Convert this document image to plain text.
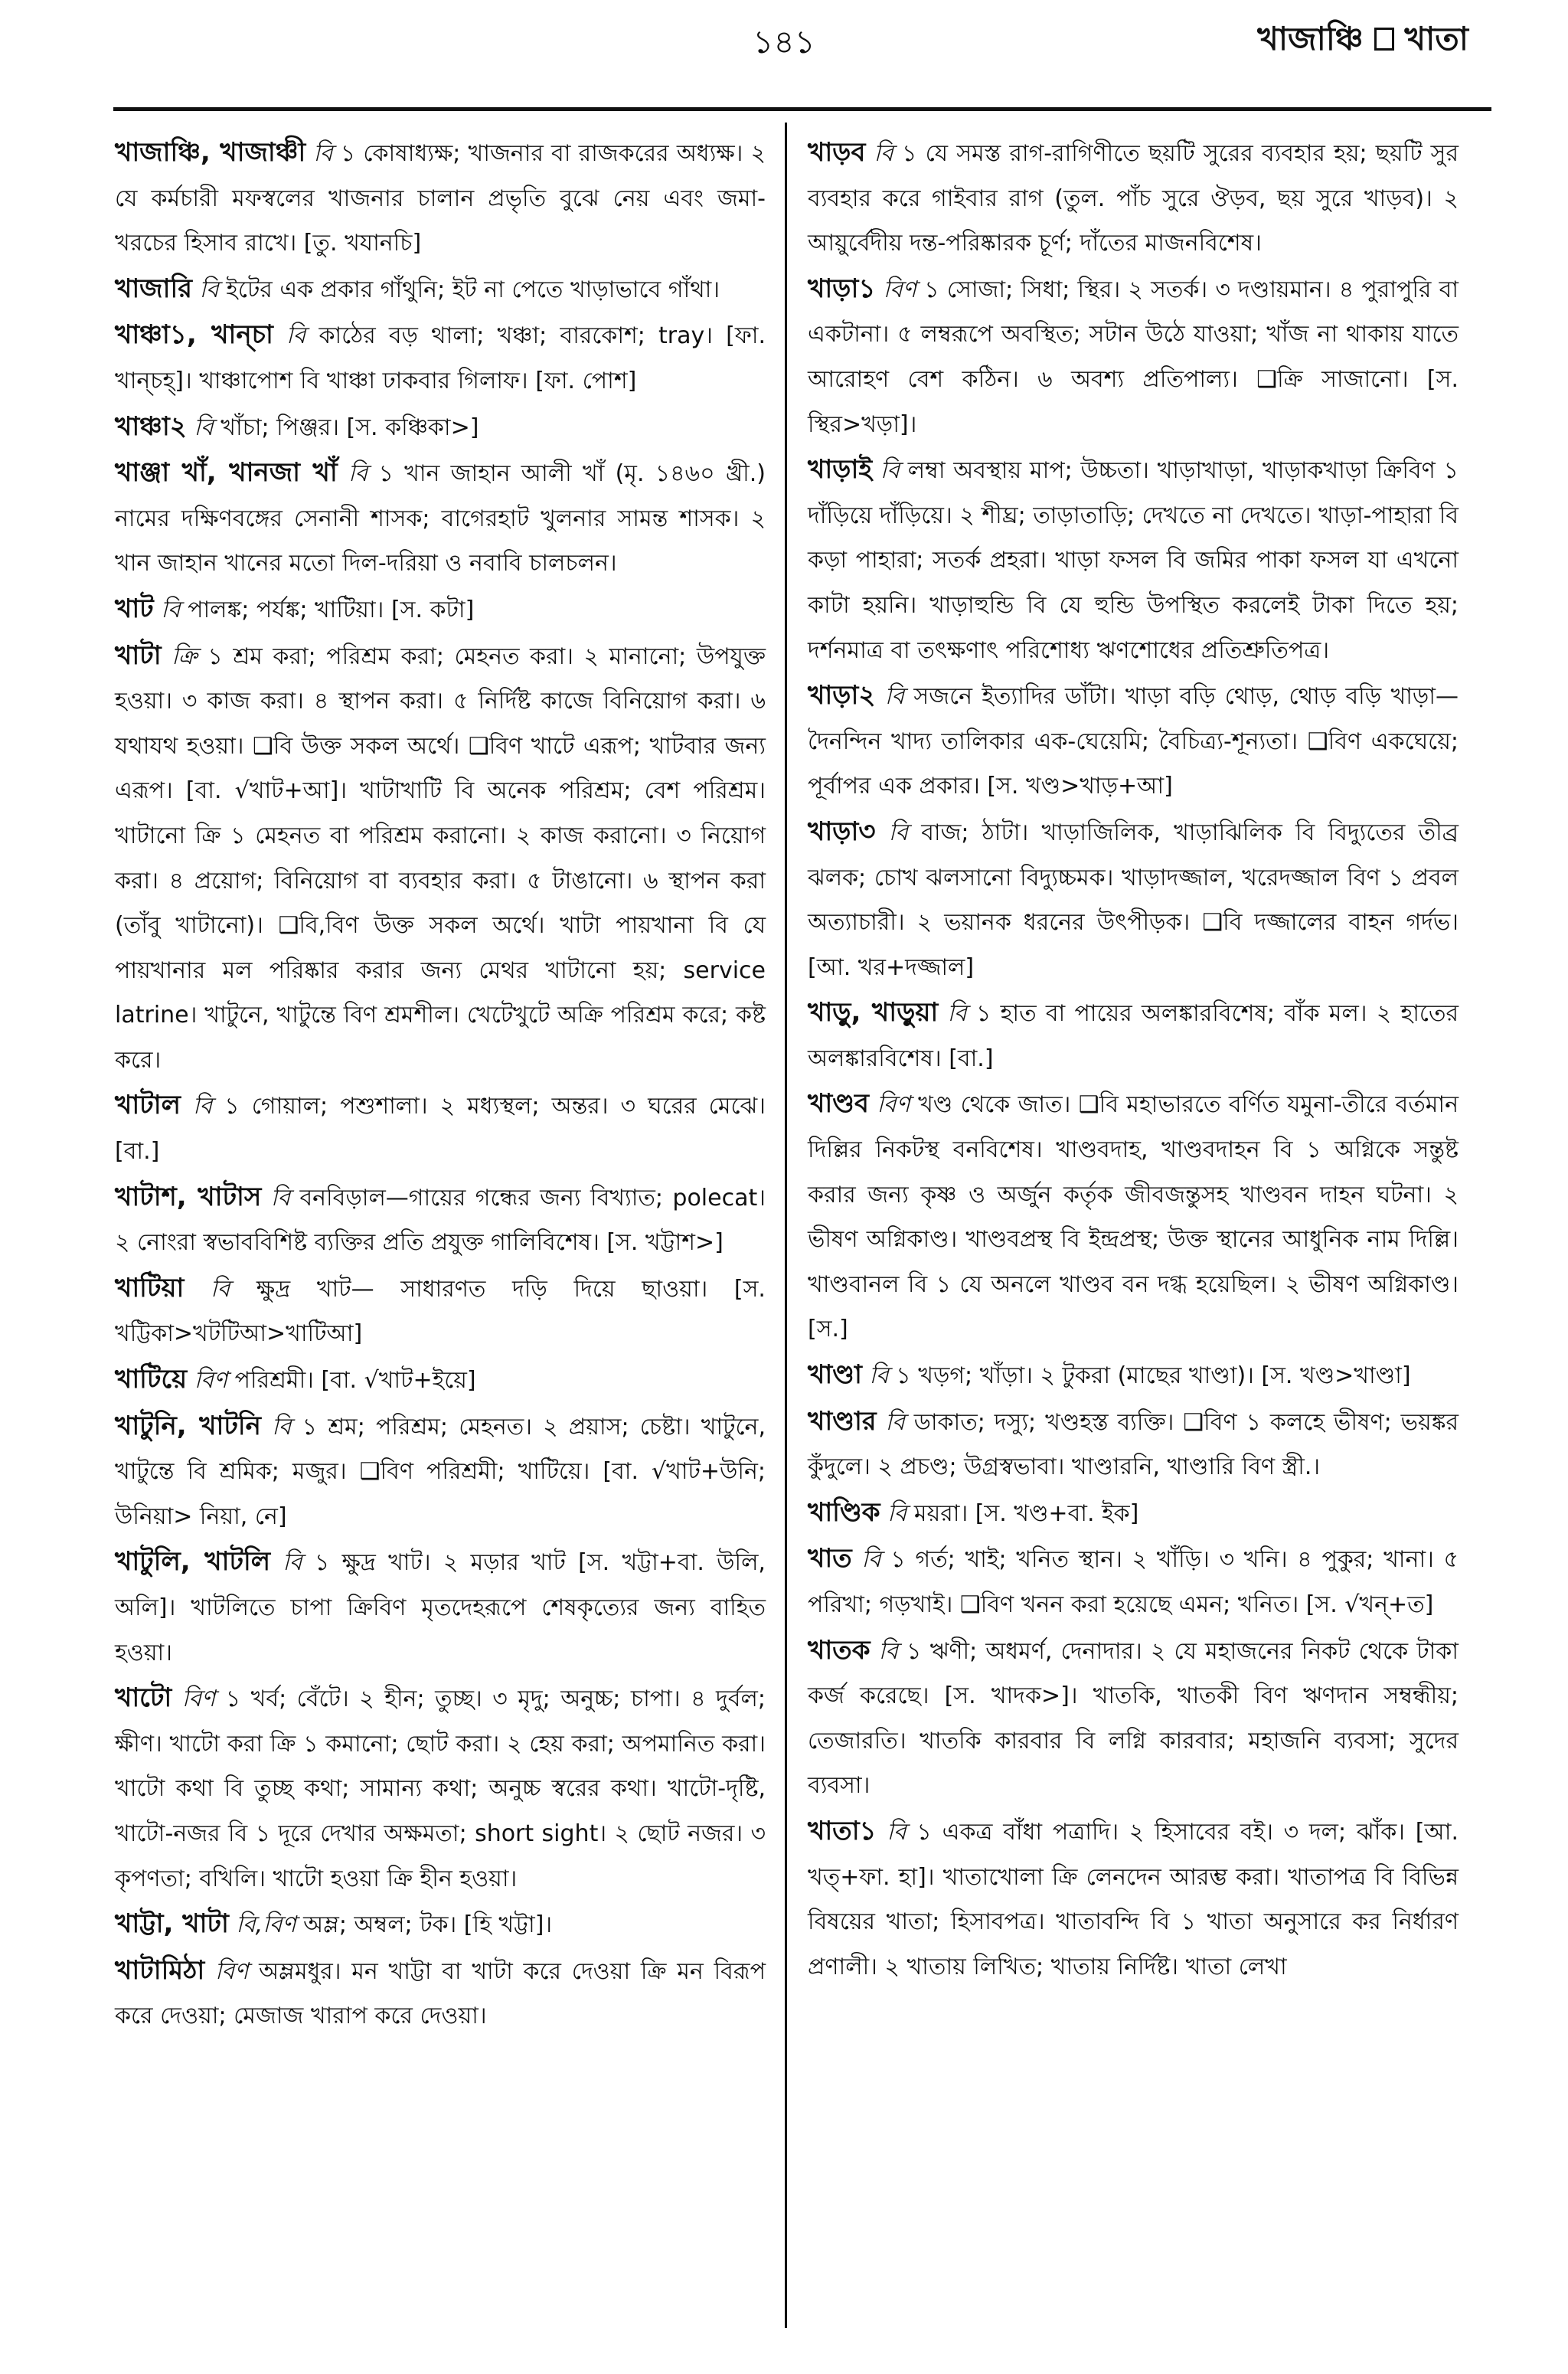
১৪১	খাজাঞ্চি খাতা

খাজাঞ্চি, খাজাঞ্চী বি ১ কোষাধ্যক্ষ; খাজনার বা রাজকরের অধ্যক্ষ। ২ যে কর্মচারী মফস্বলের খাজনার চালান প্রভৃতি বুঝে নেয় এবং জমা-খরচের হিসাব রাখে। [তু. খযানচি]

খাজারি বি ইটের এক প্রকার গাঁথুনি; ইট না পেতে খাড়াভাবে গাঁথা।

খাঞ্চা১, খান্‌চা বি কাঠের বড় থালা; খঞ্চা; বারকোশ; tray। [ফা. খান্‌চহ্‌]। খাঞ্চাপোশ বি খাঞ্চা ঢাকবার গিলাফ। [ফা. পোশ]

খাঞ্চা২ বি খাঁচা; পিঞ্জর। [স. কঞ্চিকা>]

খাঞ্জা খাঁ, খানজা খাঁ বি ১ খান জাহান আলী খাঁ (মৃ. ১৪৬০ খ্রী.) নামের দক্ষিণবঙ্গের সেনানী শাসক; বাগেরহাট খুলনার সামন্ত শাসক। ২ খান জাহান খানের মতো দিল-দরিয়া ও নবাবি চালচলন।

খাট বি পালঙ্ক; পর্যঙ্ক; খাটিয়া। [স. কটা]

খাটা ক্রি ১ শ্রম করা; পরিশ্রম করা; মেহনত করা। ২ মানানো; উপযুক্ত হওয়া। ৩ কাজ করা। ৪ স্থাপন করা। ৫ নির্দিষ্ট কাজে বিনিয়োগ করা। ৬ যথাযথ হওয়া। ❑বি উক্ত সকল অর্থে। ❑বিণ খাটে এরূপ; খাটবার জন্য এরূপ। [বা. √খাট+আ]। খাটাখাটি বি অনেক পরিশ্রম; বেশ পরিশ্রম। খাটানো ক্রি ১ মেহনত বা পরিশ্রম করানো। ২ কাজ করানো। ৩ নিয়োগ করা। ৪ প্রয়োগ; বিনিয়োগ বা ব্যবহার করা। ৫ টাঙানো। ৬ স্থাপন করা (তাঁবু খাটানো)। ❑বি,বিণ উক্ত সকল অর্থে। খাটা পায়খানা বি যে পায়খানার মল পরিষ্কার করার জন্য মেথর খাটানো হয়; service latrine। খাটুনে, খাটুন্তে বিণ শ্রমশীল। খেটেখুটে অক্রি পরিশ্রম করে; কষ্ট করে।

খাটাল বি ১ গোয়াল; পশুশালা। ২ মধ্যস্থল; অন্তর। ৩ ঘরের মেঝে। [বা.]

খাটাশ, খাটাস বি বনবিড়াল—গায়ের গন্ধের জন্য বিখ্যাত; polecat। ২ নোংরা স্বভাববিশিষ্ট ব্যক্তির প্রতি প্রযুক্ত গালিবিশেষ। [স. খট্টাশ>]

খাটিয়া বি ক্ষুদ্র খাট— সাধারণত দড়ি দিয়ে ছাওয়া। [স. খট্টিকা>খটটিআ>খাটিআ]

খাটিয়ে বিণ পরিশ্রমী। [বা. √খাট+ইয়ে]

খাটুনি, খাটনি বি ১ শ্রম; পরিশ্রম; মেহনত। ২ প্রয়াস; চেষ্টা। খাটুনে, খাটুন্তে বি শ্রমিক; মজুর। ❑বিণ পরিশ্রমী; খাটিয়ে। [বা. √খাট+উনি; উনিয়া> নিয়া, নে]

খাটুলি, খাটলি বি ১ ক্ষুদ্র খাট। ২ মড়ার খাট [স. খট্টা+বা. উলি, অলি]। খাটলিতে চাপা ক্রিবিণ মৃতদেহরূপে শেষকৃত্যের জন্য বাহিত হওয়া।

খাটো বিণ ১ খর্ব; বেঁটে। ২ হীন; তুচ্ছ। ৩ মৃদু; অনুচ্চ; চাপা। ৪ দুর্বল; ক্ষীণ। খাটো করা ক্রি ১ কমানো; ছোট করা। ২ হেয় করা; অপমানিত করা। খাটো কথা বি তুচ্ছ কথা; সামান্য কথা; অনুচ্চ স্বরের কথা। খাটো-দৃষ্টি, খাটো-নজর বি ১ দূরে দেখার অক্ষমতা; short sight। ২ ছোট নজর। ৩ কৃপণতা; বখিলি। খাটো হওয়া ক্রি হীন হওয়া।

খাট্টা, খাটা বি,বিণ অম্ল; অম্বল; টক। [হি খট্টা]।

খাটামিঠা বিণ অম্লমধুর। মন খাট্টা বা খাটা করে দেওয়া ক্রি মন বিরূপ করে দেওয়া; মেজাজ খারাপ করে দেওয়া।

খাড়ব বি ১ যে সমস্ত রাগ-রাগিণীতে ছয়টি সুরের ব্যবহার হয়; ছয়টি সুর ব্যবহার করে গাইবার রাগ (তুল. পাঁচ সুরে ঔড়ব, ছয় সুরে খাড়ব)। ২ আয়ুর্বেদীয় দন্ত-পরিষ্কারক চূর্ণ; দাঁতের মাজনবিশেষ।

খাড়া১ বিণ ১ সোজা; সিধা; স্থির। ২ সতর্ক। ৩ দণ্ডায়মান। ৪ পুরাপুরি বা একটানা। ৫ লম্বরূপে অবস্থিত; সটান উঠে যাওয়া; খাঁজ না থাকায় যাতে আরোহণ বেশ কঠিন। ৬ অবশ্য প্রতিপাল্য। ❑ক্রি সাজানো। [স. স্থির>খড়া]।

খাড়াই বি লম্বা অবস্থায় মাপ; উচ্চতা। খাড়াখাড়া, খাড়াকখাড়া ক্রিবিণ ১ দাঁড়িয়ে দাঁড়িয়ে। ২ শীঘ্র; তাড়াতাড়ি; দেখতে না দেখতে। খাড়া-পাহারা বি কড়া পাহারা; সতর্ক প্রহরা। খাড়া ফসল বি জমির পাকা ফসল যা এখনো কাটা হয়নি। খাড়াহুন্ডি বি যে হুন্ডি উপস্থিত করলেই টাকা দিতে হয়; দর্শনমাত্র বা তৎক্ষণাৎ পরিশোধ্য ঋণশোধের প্রতিশ্রুতিপত্র।

খাড়া২ বি সজনে ইত্যাদির ডাঁটা। খাড়া বড়ি থোড়, থোড় বড়ি খাড়া—দৈনন্দিন খাদ্য তালিকার এক-ঘেয়েমি; বৈচিত্র্য-শূন্যতা। ❑বিণ একঘেয়ে; পূর্বাপর এক প্রকার। [স. খণ্ড>খাড়+আ]

খাড়া৩ বি বাজ; ঠাটা। খাড়াজিলিক, খাড়াঝিলিক বি বিদ্যুতের তীব্র ঝলক; চোখ ঝলসানো বিদ্যুচ্চমক। খাড়াদজ্জাল, খরেদজ্জাল বিণ ১ প্রবল অত্যাচারী। ২ ভয়ানক ধরনের উৎপীড়ক। ❑বি দজ্জালের বাহন গর্দভ। [আ. খর+দজ্জাল]

খাড়ু, খাড়ুয়া বি ১ হাত বা পায়ের অলঙ্কারবিশেষ; বাঁক মল। ২ হাতের অলঙ্কারবিশেষ। [বা.]

খাণ্ডব বিণ খণ্ড থেকে জাত। ❑বি মহাভারতে বর্ণিত যমুনা-তীরে বর্তমান দিল্লির নিকটস্থ বনবিশেষ। খাণ্ডবদাহ, খাণ্ডবদাহন বি ১ অগ্নিকে সন্তুষ্ট করার জন্য কৃষ্ণ ও অর্জুন কর্তৃক জীবজন্তুসহ খাণ্ডবন দাহন ঘটনা। ২ ভীষণ অগ্নিকাণ্ড। খাণ্ডবপ্রস্থ বি ইন্দ্রপ্রস্থ; উক্ত স্থানের আধুনিক নাম দিল্লি। খাণ্ডবানল বি ১ যে অনলে খাণ্ডব বন দগ্ধ হয়েছিল। ২ ভীষণ অগ্নিকাণ্ড। [স.]

খাণ্ডা বি ১ খড়গ; খাঁড়া। ২ টুকরা (মাছের খাণ্ডা)। [স. খণ্ড>খাণ্ডা]

খাণ্ডার বি ডাকাত; দস্যু; খণ্ডহস্ত ব্যক্তি। ❑বিণ ১ কলহে ভীষণ; ভয়ঙ্কর কুঁদুলে। ২ প্রচণ্ড; উগ্রস্বভাবা। খাণ্ডারনি, খাণ্ডারি বিণ স্ত্রী.।

খাণ্ডিক বি ময়রা। [স. খণ্ড+বা. ইক]

খাত বি ১ গর্ত; খাই; খনিত স্থান। ২ খাঁড়ি। ৩ খনি। ৪ পুকুর; খানা। ৫ পরিখা; গড়খাই। ❑বিণ খনন করা হয়েছে এমন; খনিত। [স. √খন্‌+ত]

খাতক বি ১ ঋণী; অধমর্ণ, দেনাদার। ২ যে মহাজনের নিকট থেকে টাকা কর্জ করেছে। [স. খাদক>]। খাতকি, খাতকী বিণ ঋণদান সম্বন্ধীয়; তেজারতি। খাতকি কারবার বি লগ্নি কারবার; মহাজনি ব্যবসা; সুদের ব্যবসা।

খাতা১ বি ১ একত্র বাঁধা পত্রাদি। ২ হিসাবের বই। ৩ দল; ঝাঁক। [আ. খত্‌+ফা. হা]। খাতাখোলা ক্রি লেনদেন আরম্ভ করা। খাতাপত্র বি বিভিন্ন বিষয়ের খাতা; হিসাবপত্র। খাতাবন্দি বি ১ খাতা অনুসারে কর নির্ধারণ প্রণালী। ২ খাতায় লিখিত; খাতায় নির্দিষ্ট। খাতা লেখা
